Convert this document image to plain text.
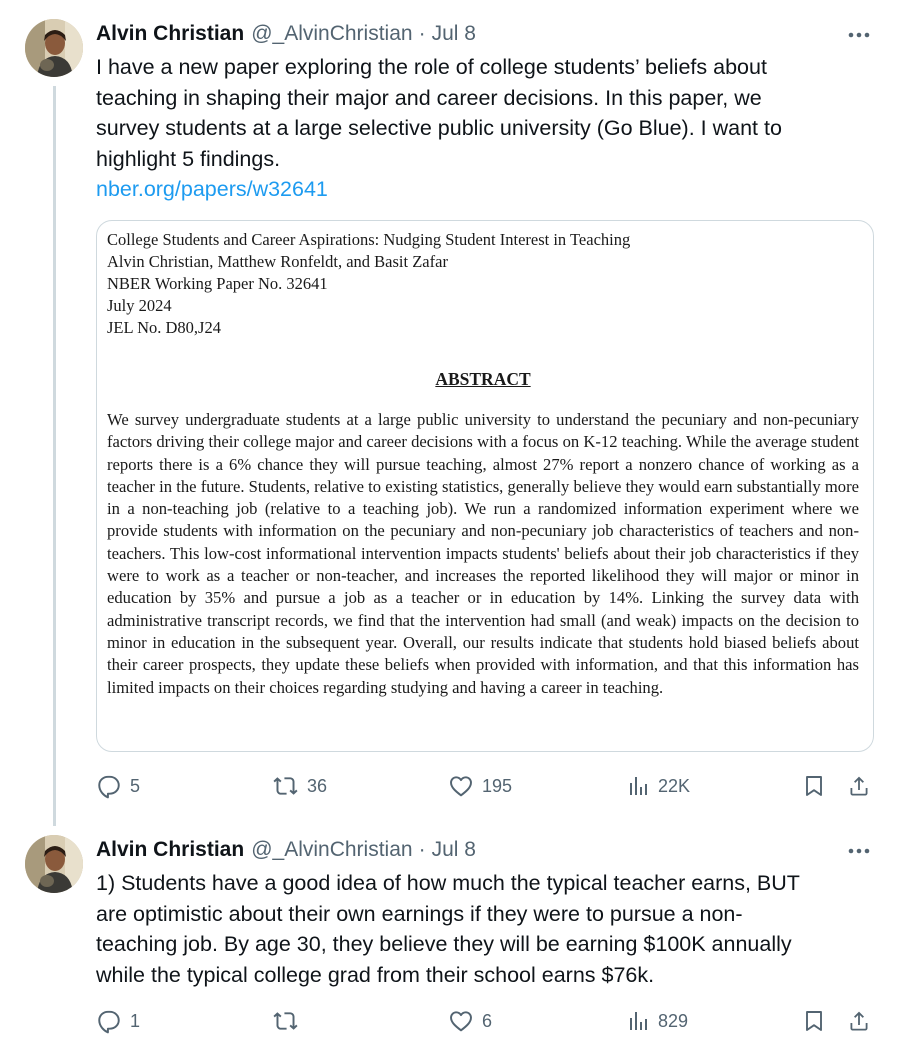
Alvin Christian @_AlvinChristian · Jul 8

I have a new paper exploring the role of college students’ beliefs about

teaching in shaping their major and career decisions. In this paper, we

survey students at a large selective public university (Go Blue). I want to

highlight 5 findings.

nber.org/papers/w32641
College Students and Career Aspirations: Nudging Student Interest in Teaching
Alvin Christian, Matthew Ronfeldt, and Basit Zafar
NBER Working Paper No. 32641
July 2024
JEL No. D80,J24
ABSTRACT
We survey undergraduate students at a large public university to understand the pecuniary and non-pecuniary factors driving their college major and career decisions with a focus on K-12 teaching. While the average student reports there is a 6% chance they will pursue teaching, almost 27% report a nonzero chance of working as a teacher in the future. Students, relative to existing statistics, generally believe they would earn substantially more in a non-teaching job (relative to a teaching job). We run a randomized information experiment where we provide students with information on the pecuniary and non-pecuniary job characteristics of teachers and non-teachers. This low-cost informational intervention impacts students' beliefs about their job characteristics if they were to work as a teacher or non-teacher, and increases the reported likelihood they will major or minor in education by 35% and pursue a job as a teacher or in education by 14%. Linking the survey data with administrative transcript records, we find that the intervention had small (and weak) impacts on the decision to minor in education in the subsequent year. Overall, our results indicate that students hold biased beliefs about their career prospects, they update these beliefs when provided with information, and that this information has limited impacts on their choices regarding studying and having a career in teaching.
5	36	195	22K
Alvin Christian @_AlvinChristian · Jul 8

1) Students have a good idea of how much the typical teacher earns, BUT

are optimistic about their own earnings if they were to pursue a non-

teaching job. By age 30, they believe they will be earning $100K annually

while the typical college grad from their school earns $76k.

1	6	829
